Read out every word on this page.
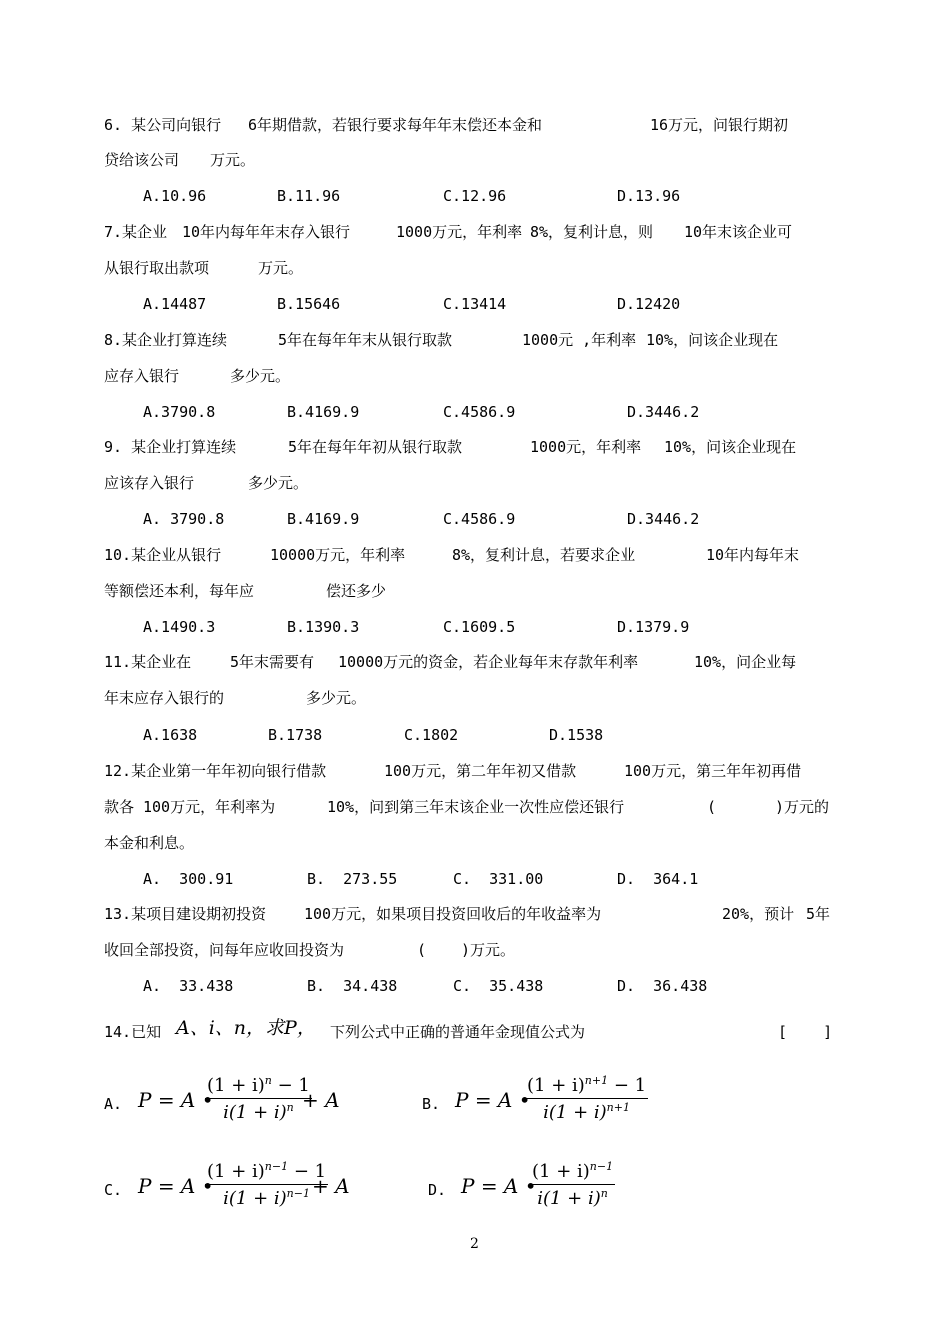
6. 某公司向银行 6年期借款，若银行要求每年年末偿还本金和	16万元，问银行期初
贷给该公司 万元。
A.10.96	B.11.96	C.12.96	D.13.96
7.某企业 10年内每年年末存入银行	1000万元，年利率 8%，复利计息，则 10年末该企业可
从银行取出款项	万元。
A.14487	B.15646	C.13414	D.12420
8.某企业打算连续	5年在每年年末从银行取款	1000元 ,年利率 10%，问该企业现在
应存入银行	多少元。
A.3790.8	B.4169.9	C.4586.9	D.3446.2
9. 某企业打算连续	5年在每年年初从银行取款	1000元，年利率 10%，问该企业现在
应该存入银行	多少元。
A. 3790.8	B.4169.9	C.4586.9	D.3446.2
10.某企业从银行	10000万元，年利率	8%，复利计息，若要求企业	10年内每年末
等额偿还本利，每年应	偿还多少
A.1490.3	B.1390.3	C.1609.5	D.1379.9
11.某企业在	5年末需要有 10000万元的资金，若企业每年末存款年利率	10%，问企业每
年末应存入银行的	多少元。
A.1638	B.1738	C.1802	D.1538
12.某企业第一年年初向银行借款	100万元，第二年年初又借款	100万元，第三年年初再借
款各 100万元，年利率为	10%，问到第三年末该企业一次性应偿还银行	(	)万元的
本金和利息。
A.  300.91	B.  273.55	C.  331.00	D.  364.1
13.某项目建设期初投资	100万元，如果项目投资回收后的年收益率为	20%，预计 5年
收回全部投资，问每年应收回投资为	( )万元。
A.  33.438	B.  34.438	C.  35.438	D.  36.438
14.已知 A、i、n，求P， 下列公式中正确的普通年金现值公式为	[    ]
A. P = A •
$\frac{(1 + i)^n - 1}{i(1 + i)^n}$
+ A	B. P = A •
$\frac{(1 + i)^{n+1} - 1}{i(1 + i)^{n+1}}$
C. P = A •
$\frac{(1 + i)^{n-1} - 1}{i(1 + i)^{n-1}}$
+ A	D. P = A •
$\frac{(1 + i)^{n-1}}{i(1 + i)^n}$
2
